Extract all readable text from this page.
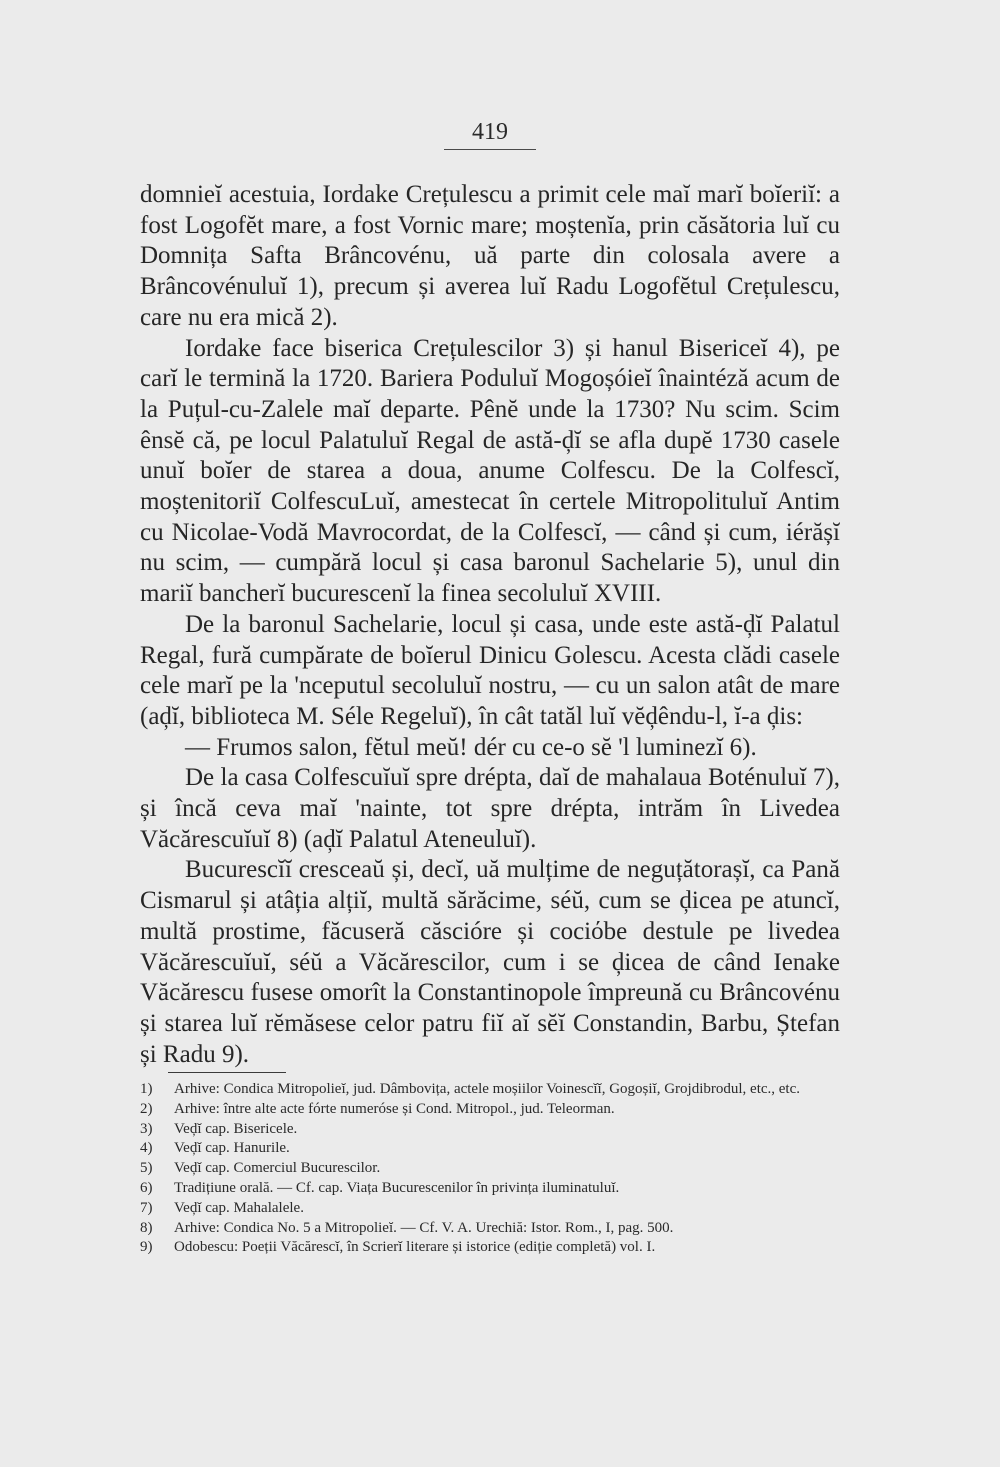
419

domnieĭ acestuia, Iordake Crețulescu a primit cele maĭ marĭ boĭeriĭ: a fost Logofĕt mare, a fost Vornic mare; moștenĭa, prin căsătoria luĭ cu Domnița Safta Brâncovénu, uă parte din colosala avere a Brâncovénuluĭ 1), precum și averea luĭ Radu Logofĕtul Crețulescu, care nu era mică 2).

Iordake face biserica Crețulescilor 3) și hanul Bisericeĭ 4), pe carĭ le termină la 1720. Bariera Poduluĭ Mogoșóieĭ înaintéză acum de la Puțul-cu-Zalele maĭ departe. Pênĕ unde la 1730? Nu scim. Scim ênsĕ că, pe locul Palatuluĭ Regal de astă-ḑĭ se afla dupĕ 1730 casele unuĭ boĭer de starea a doua, anume Colfescu. De la Colfescĭ, moștenitoriĭ ColfescuLuĭ, amestecat în certele Mitropolituluĭ Antim cu Nicolae-Vodă Mavrocordat, de la Colfescĭ, — când și cum, iérășĭ nu scim, — cumpără locul și casa baronul Sachelarie 5), unul din mariĭ bancherĭ bucurescenĭ la finea secoluluĭ XVIII.

De la baronul Sachelarie, locul și casa, unde este astă-ḑĭ Palatul Regal, fură cumpărate de boĭerul Dinicu Golescu. Acesta clădi casele cele marĭ pe la 'nceputul secoluluĭ nostru, — cu un salon atât de mare (aḑĭ, biblioteca M. Séle Regeluĭ), în cât tatăl luĭ vĕḑêndu-l, ĭ-a ḑis:

— Frumos salon, fĕtul meŭ! dér cu ce-o sĕ 'l luminezĭ 6).

De la casa Colfescuĭuĭ spre drépta, daĭ de mahalaua Boténuluĭ 7), și încă ceva maĭ 'nainte, tot spre drépta, intrăm în Livedea Văcărescuĭuĭ 8) (aḑĭ Palatul Ateneuluĭ).

Bucurescĭĭ cresceaŭ și, decĭ, uă mulțime de neguțătorașĭ, ca Pană Cismarul și atâția alțiĭ, multă sărăcime, séŭ, cum se ḑicea pe atuncĭ, multă prostime, făcuseră căscióre și cociόbe destule pe livedea Văcărescuĭuĭ, séŭ a Văcărescilor, cum i se ḑicea de când Ienake Văcărescu fusese omorît la Constantinopole împreună cu Brâncovénu și starea luĭ rĕmăsese celor patru fiĭ aĭ sĕĭ Constandin, Barbu, Ștefan și Radu 9).

1) Arhive: Condica Mitropolieĭ, jud. Dâmbovița, actele moșiilor Voinescĭĭ, Gogoșiĭ, Grojdibrodul, etc., etc.

2) Arhive: între alte acte fórte numeróse și Cond. Mitropol., jud. Teleorman.

3) Veḑĭ cap. Bisericele.

4) Veḑĭ cap. Hanurile.

5) Veḑĭ cap. Comerciul Bucurescilor.

6) Tradițiune orală. — Cf. cap. Viața Bucurescenilor în privința iluminatuluĭ.

7) Veḑĭ cap. Mahalalele.

8) Arhive: Condica No. 5 a Mitropolieĭ. — Cf. V. A. Urechiă: Istor. Rom., I, pag. 500.

9) Odobescu: Poeții Văcărescĭ, în Scrierĭ literare și istorice (ediție completă) vol. I.
